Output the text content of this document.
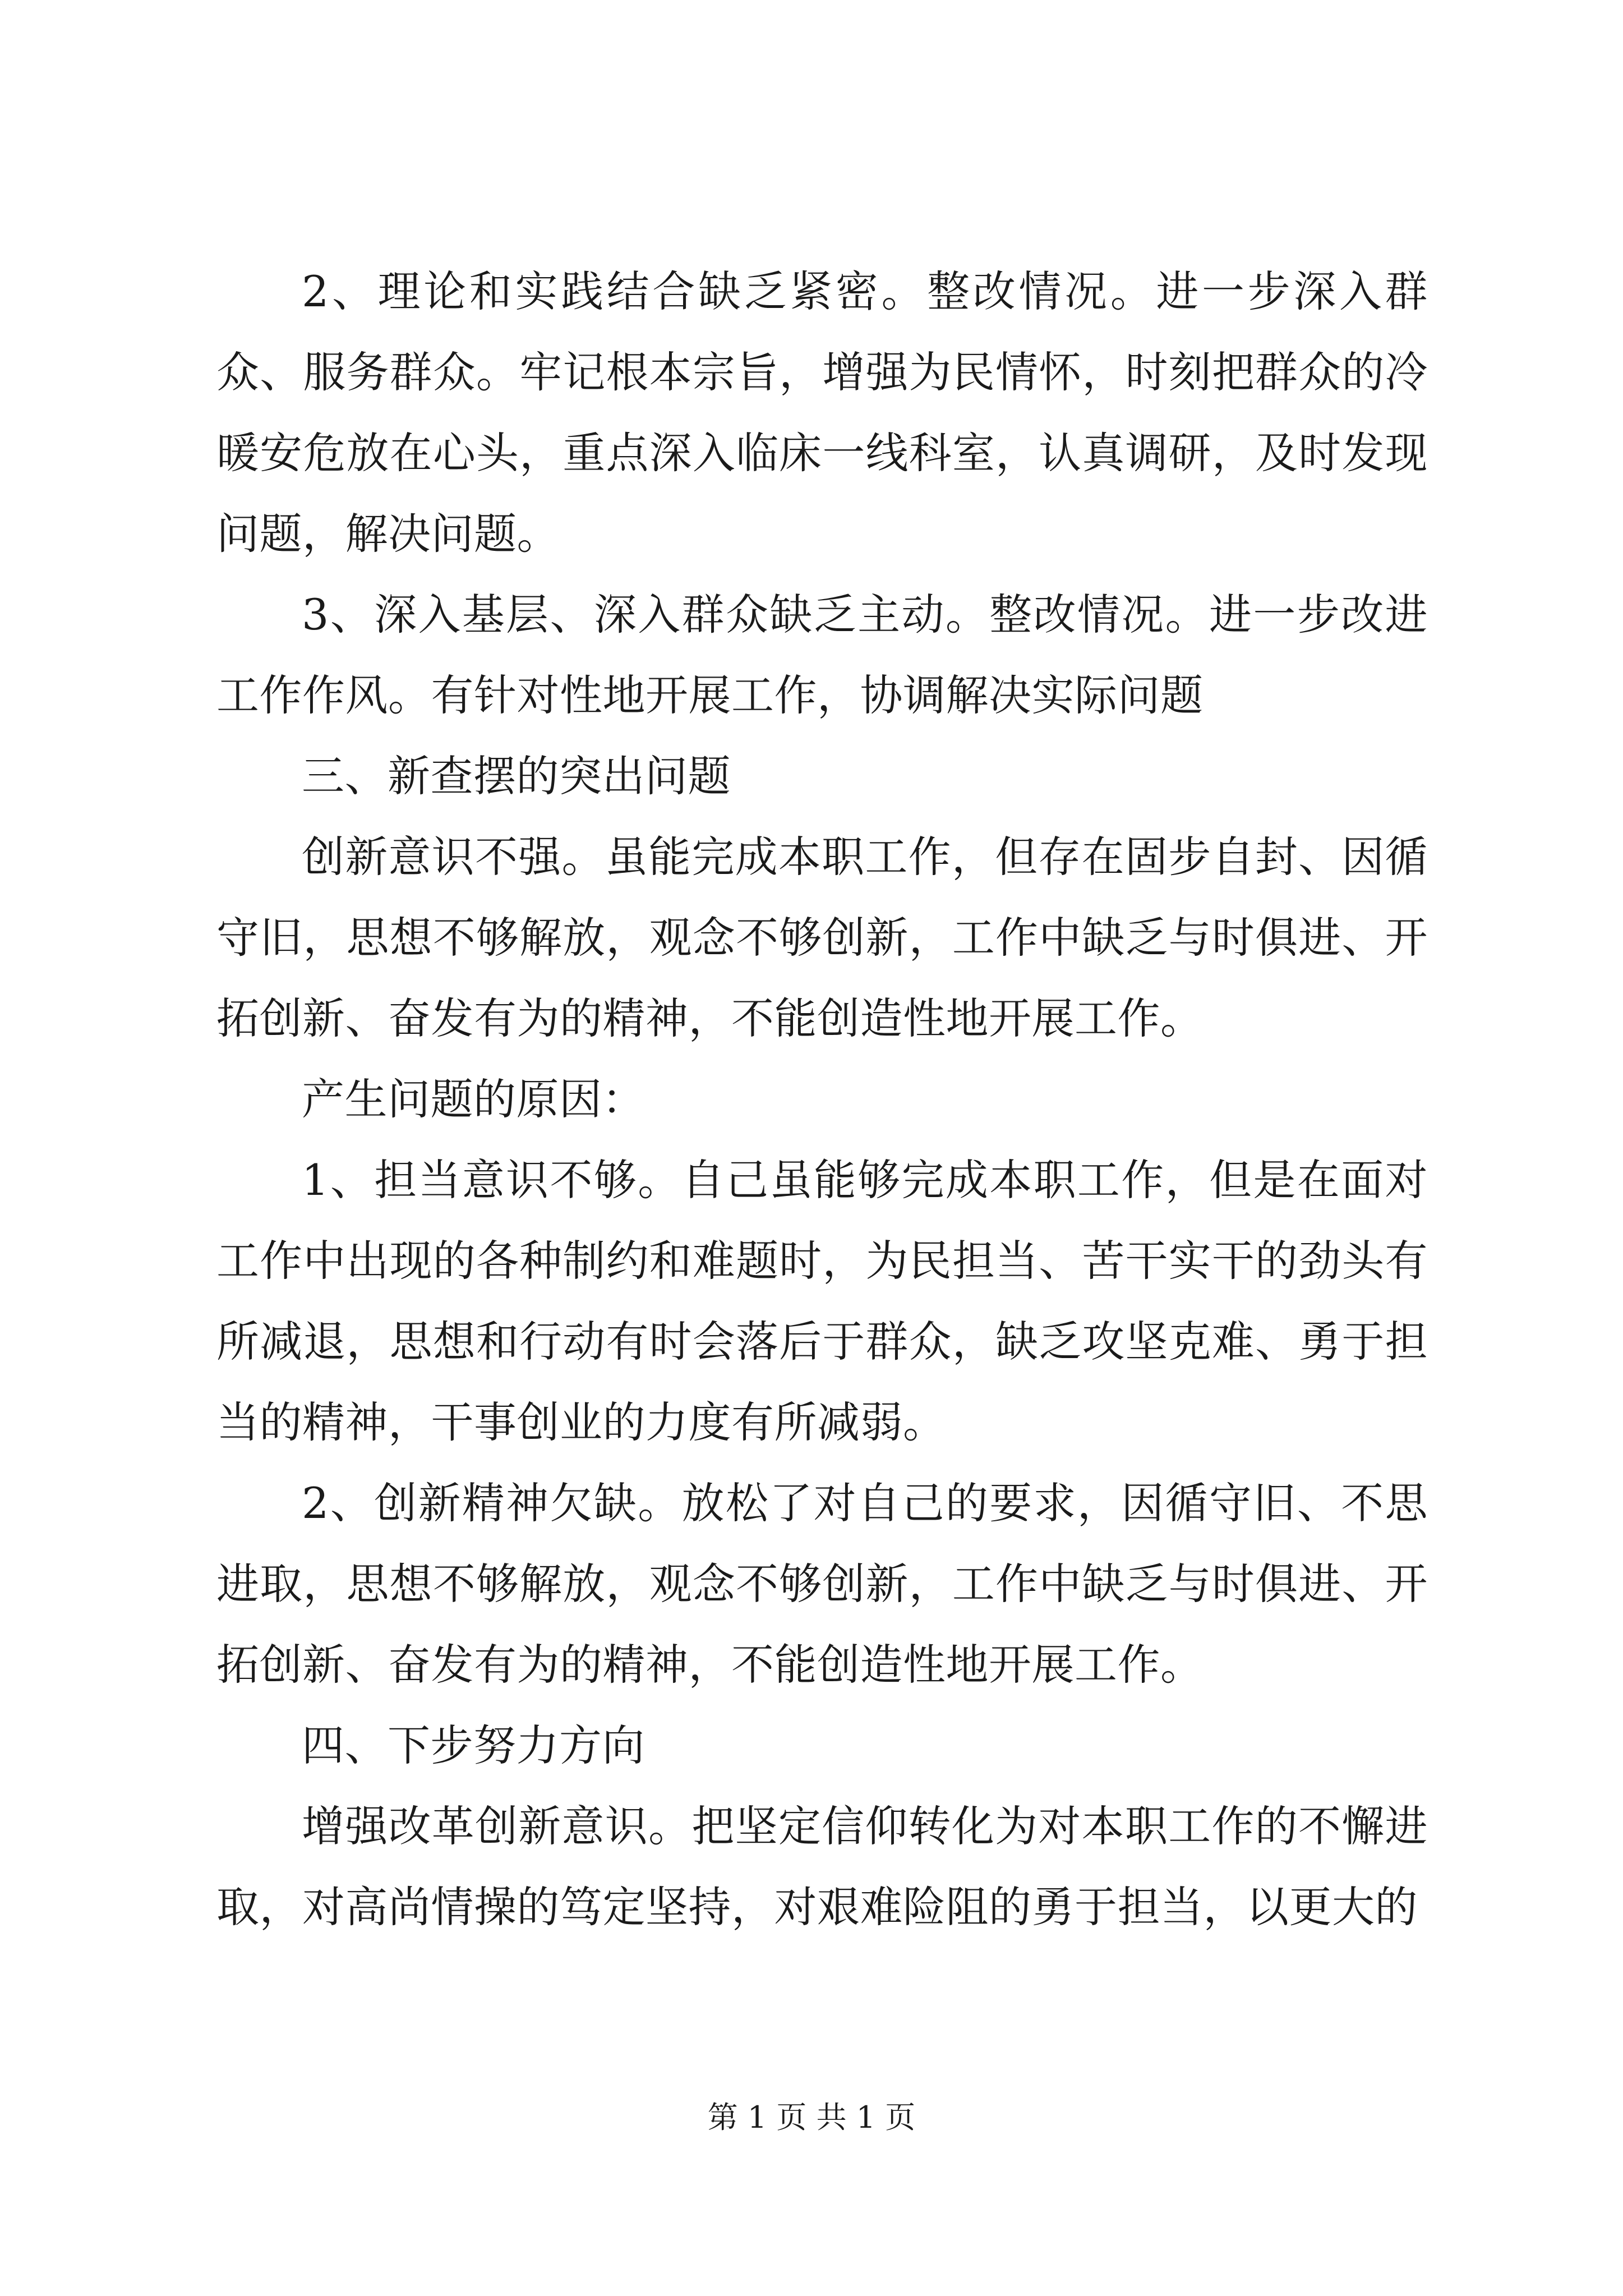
2、理论和实践结合缺乏紧密。整改情况。进一步深入群众、服务群众。牢记根本宗旨，增强为民情怀，时刻把群众的冷暖安危放在心头，重点深入临床一线科室，认真调研，及时发现问题，解决问题。

3、深入基层、深入群众缺乏主动。整改情况。进一步改进工作作风。有针对性地开展工作，协调解决实际问题

三、新查摆的突出问题

创新意识不强。虽能完成本职工作，但存在固步自封、因循守旧，思想不够解放，观念不够创新，工作中缺乏与时俱进、开拓创新、奋发有为的精神，不能创造性地开展工作。

产生问题的原因：

1、担当意识不够。自己虽能够完成本职工作，但是在面对工作中出现的各种制约和难题时，为民担当、苦干实干的劲头有所减退，思想和行动有时会落后于群众，缺乏攻坚克难、勇于担当的精神，干事创业的力度有所减弱。

2、创新精神欠缺。放松了对自己的要求，因循守旧、不思进取，思想不够解放，观念不够创新，工作中缺乏与时俱进、开拓创新、奋发有为的精神，不能创造性地开展工作。

四、下步努力方向

增强改革创新意识。把坚定信仰转化为对本职工作的不懈进取，对高尚情操的笃定坚持，对艰难险阻的勇于担当，以更大的

第 1 页 共 1 页
